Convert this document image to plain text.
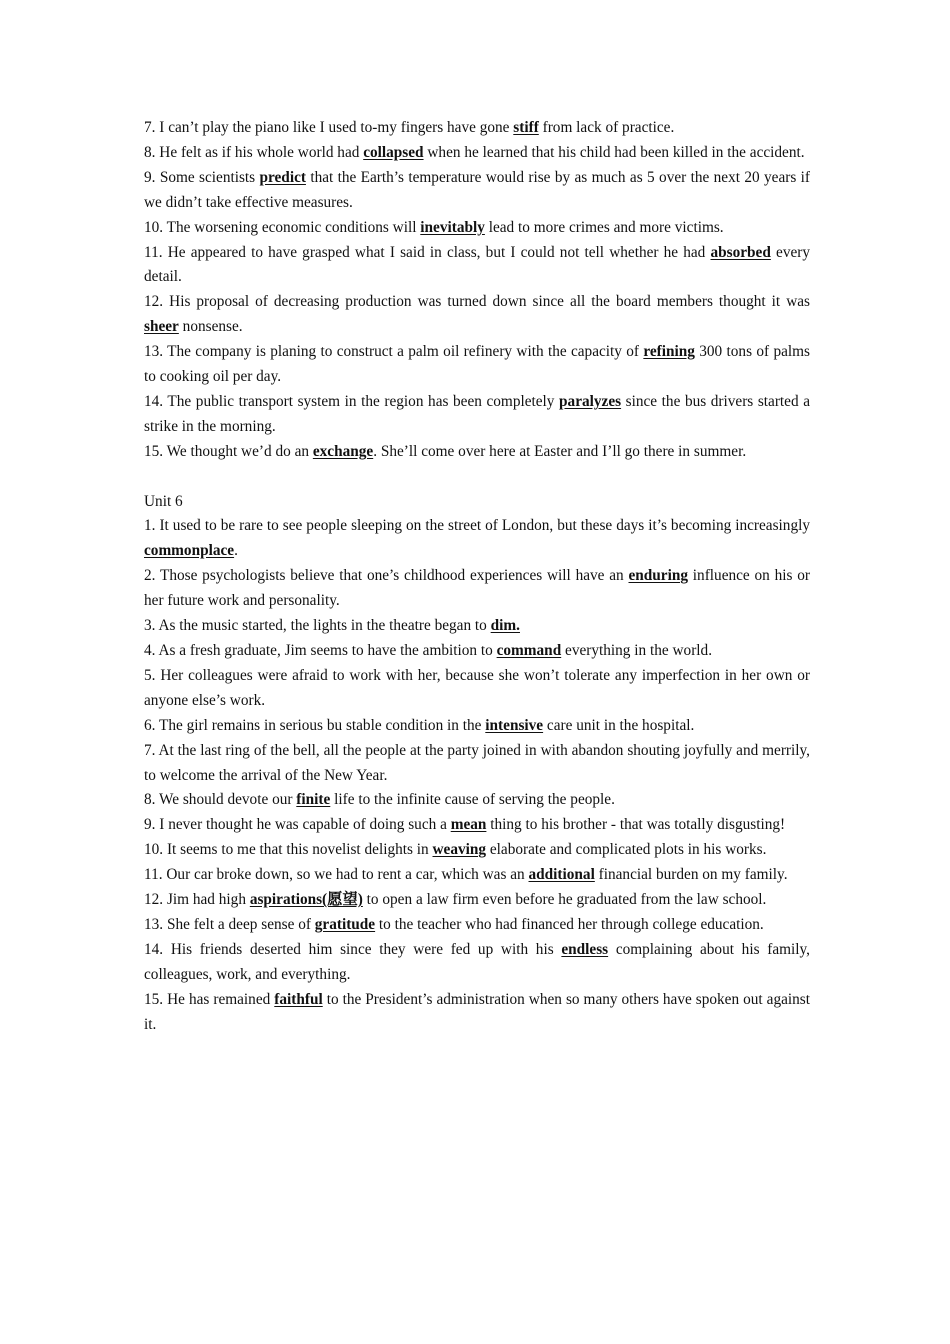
7. I can’t play the piano like I used to-my fingers have gone stiff from lack of practice.

8. He felt as if his whole world had collapsed when he learned that his child had been killed in the accident.

9. Some scientists predict that the Earth’s temperature would rise by as much as 5 over the next 20 years if we didn’t take effective measures.

10. The worsening economic conditions will inevitably lead to more crimes and more victims.

11. He appeared to have grasped what I said in class, but I could not tell whether he had absorbed every detail.

12. His proposal of decreasing production was turned down since all the board members thought it was sheer nonsense.

13. The company is planing to construct a palm oil refinery with the capacity of refining 300 tons of palms to cooking oil per day.

14. The public transport system in the region has been completely paralyzes since the bus drivers started a strike in the morning.

15. We thought we’d do an exchange. She’ll come over here at Easter and I’ll go there in summer.

Unit 6

1. It used to be rare to see people sleeping on the street of London, but these days it’s becoming increasingly commonplace.

2. Those psychologists believe that one’s childhood experiences will have an enduring influence on his or her future work and personality.

3. As the music started, the lights in the theatre began to dim.

4. As a fresh graduate, Jim seems to have the ambition to command everything in the world.

5. Her colleagues were afraid to work with her, because she won’t tolerate any imperfection in her own or anyone else’s work.

6. The girl remains in serious bu stable condition in the intensive care unit in the hospital.

7. At the last ring of the bell, all the people at the party joined in with abandon shouting joyfully and merrily, to welcome the arrival of the New Year.

8. We should devote our finite life to the infinite cause of serving the people.

9. I never thought he was capable of doing such a mean thing to his brother - that was totally disgusting!

10. It seems to me that this novelist delights in weaving elaborate and complicated plots in his works.

11. Our car broke down, so we had to rent a car, which was an additional financial burden on my family.

12. Jim had high aspirations(愿望) to open a law firm even before he graduated from the law school.

13. She felt a deep sense of gratitude to the teacher who had financed her through college education.

14. His friends deserted him since they were fed up with his endless complaining about his family, colleagues, work, and everything.

15. He has remained faithful to the President’s administration when so many others have spoken out against it.
